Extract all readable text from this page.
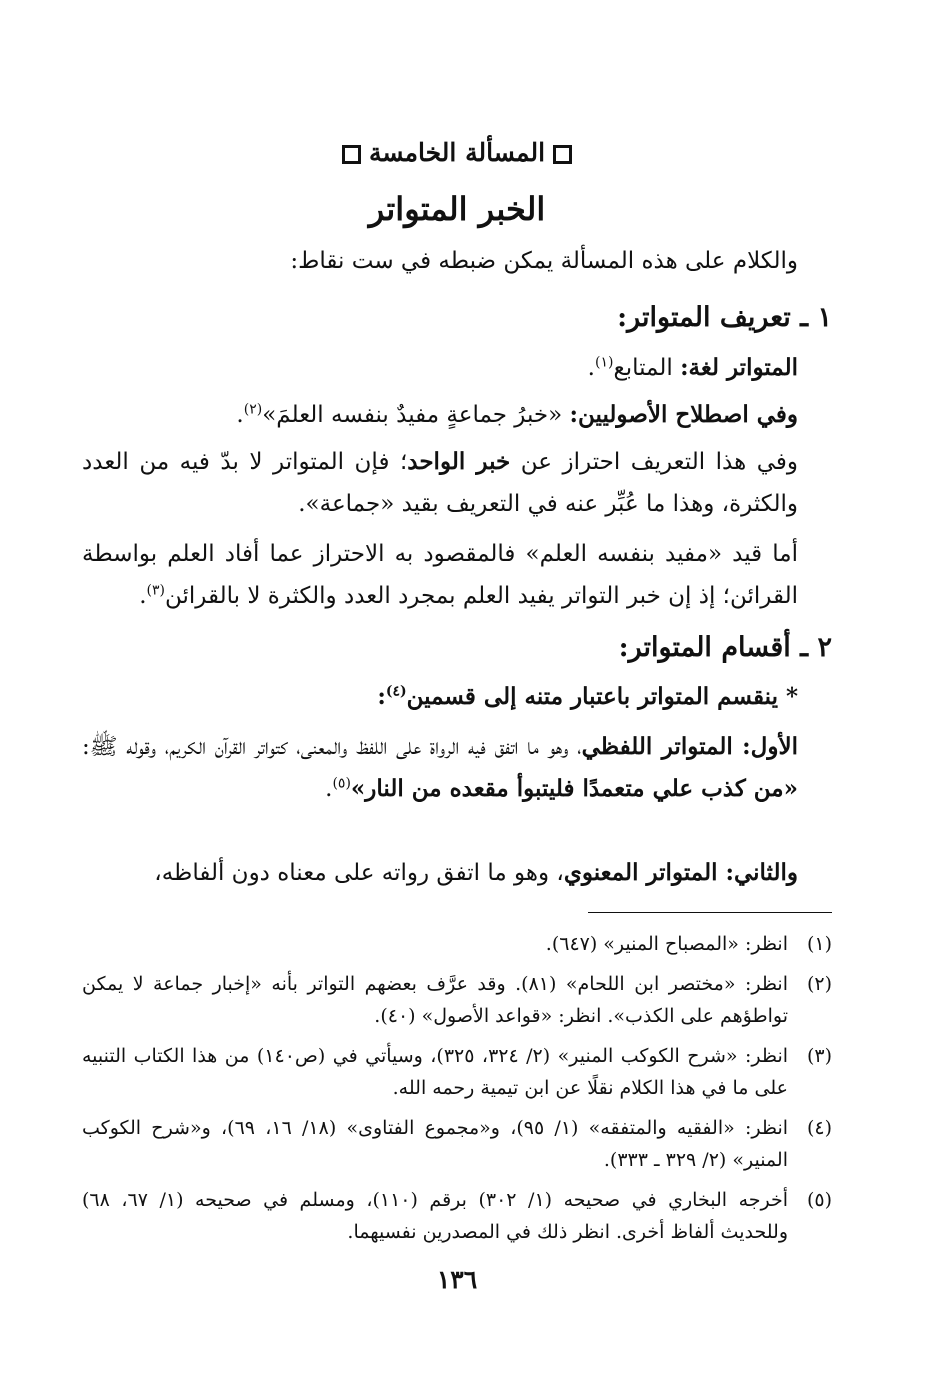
المسألة الخامسة
الخبر المتواتر
والكلام على هذه المسألة يمكن ضبطه في ست نقاط:
١ ـ تعريف المتواتر:
المتواتر لغة: المتابع$^{(١)}$.
وفي اصطلاح الأصوليين: «خبرُ جماعةٍ مفيدٌ بنفسه العلمَ»$^{(٢)}$.
وفي هذا التعريف احتراز عن خبر الواحد؛ فإن المتواتر لا بدّ فيه من العدد والكثرة، وهذا ما عُبِّر عنه في التعريف بقيد «جماعة».
أما قيد «مفيد بنفسه العلم» فالمقصود به الاحتراز عما أفاد العلم بواسطة القرائن؛ إذ إن خبر التواتر يفيد العلم بمجرد العدد والكثرة لا بالقرائن$^{(٣)}$.
٢ ـ أقسام المتواتر:
* ينقسم المتواتر باعتبار متنه إلى قسمين$^{(٤)}$:
الأول: المتواتر اللفظي، وهو ما اتفق فيه الرواة على اللفظ والمعنى، كتواتر القرآن الكريم، وقوله ﷺ: «من كذب علي متعمدًا فليتبوأ مقعده من النار»$^{(٥)}$.
والثاني: المتواتر المعنوي، وهو ما اتفق رواته على معناه دون ألفاظه،
(١)
انظر: «المصباح المنير» (٦٤٧).
(٢)
انظر: «مختصر ابن اللحام» (٨١). وقد عرَّف بعضهم التواتر بأنه «إخبار جماعة لا يمكن تواطؤهم على الكذب». انظر: «قواعد الأصول» (٤٠).
(٣)
انظر: «شرح الكوكب المنير» (٢/ ٣٢٤، ٣٢٥)، وسيأتي في (ص١٤٠) من هذا الكتاب التنبيه على ما في هذا الكلام نقلًا عن ابن تيمية رحمه الله.
(٤)
انظر: «الفقيه والمتفقه» (١/ ٩٥)، و«مجموع الفتاوى» (١٨/ ١٦، ٦٩)، و«شرح الكوكب المنير» (٢/ ٣٢٩ ـ ٣٣٣).
(٥)
أخرجه البخاري في صحيحه (١/ ٣٠٢) برقم (١١٠)، ومسلم في صحيحه (١/ ٦٧، ٦٨) وللحديث ألفاظ أخرى. انظر ذلك في المصدرين نفسيهما.
١٣٦
